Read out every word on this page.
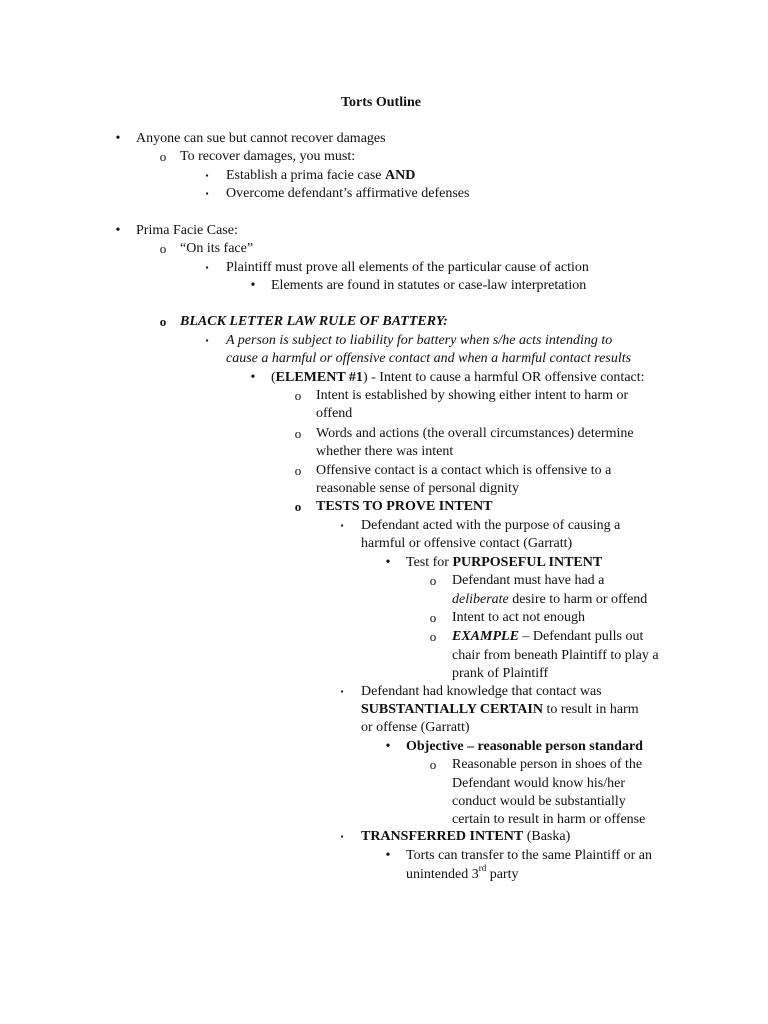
Torts Outline
• Anyone can sue but cannot recover damages
o To recover damages, you must:
▪	Establish a prima facie case AND
▪	Overcome defendant’s affirmative defenses
• Prima Facie Case:
o “On its face”
▪	Plaintiff must prove all elements of the particular cause of action
• Elements are found in statutes or case-law interpretation
o BLACK LETTER LAW RULE OF BATTERY:
▪	A person is subject to liability for battery when s/he acts intending to
cause a harmful or offensive contact and when a harmful contact results
• (ELEMENT #1) - Intent to cause a harmful OR offensive contact:
o Intent is established by showing either intent to harm or
offend
o Words and actions (the overall circumstances) determine
whether there was intent
o Offensive contact is a contact which is offensive to a
reasonable sense of personal dignity
o TESTS TO PROVE INTENT
▪	Defendant acted with the purpose of causing a
harmful or offensive contact (Garratt)
• Test for PURPOSEFUL INTENT
o Defendant must have had a
deliberate desire to harm or offend
o Intent to act not enough
o EXAMPLE – Defendant pulls out
chair from beneath Plaintiff to play a
prank of Plaintiff
▪	Defendant had knowledge that contact was
SUBSTANTIALLY CERTAIN to result in harm
or offense (Garratt)
• Objective – reasonable person standard
o Reasonable person in shoes of the
Defendant would know his/her
conduct would be substantially
certain to result in harm or offense
▪	TRANSFERRED INTENT (Baska)
• Torts can transfer to the same Plaintiff or an
unintended 3rd party
